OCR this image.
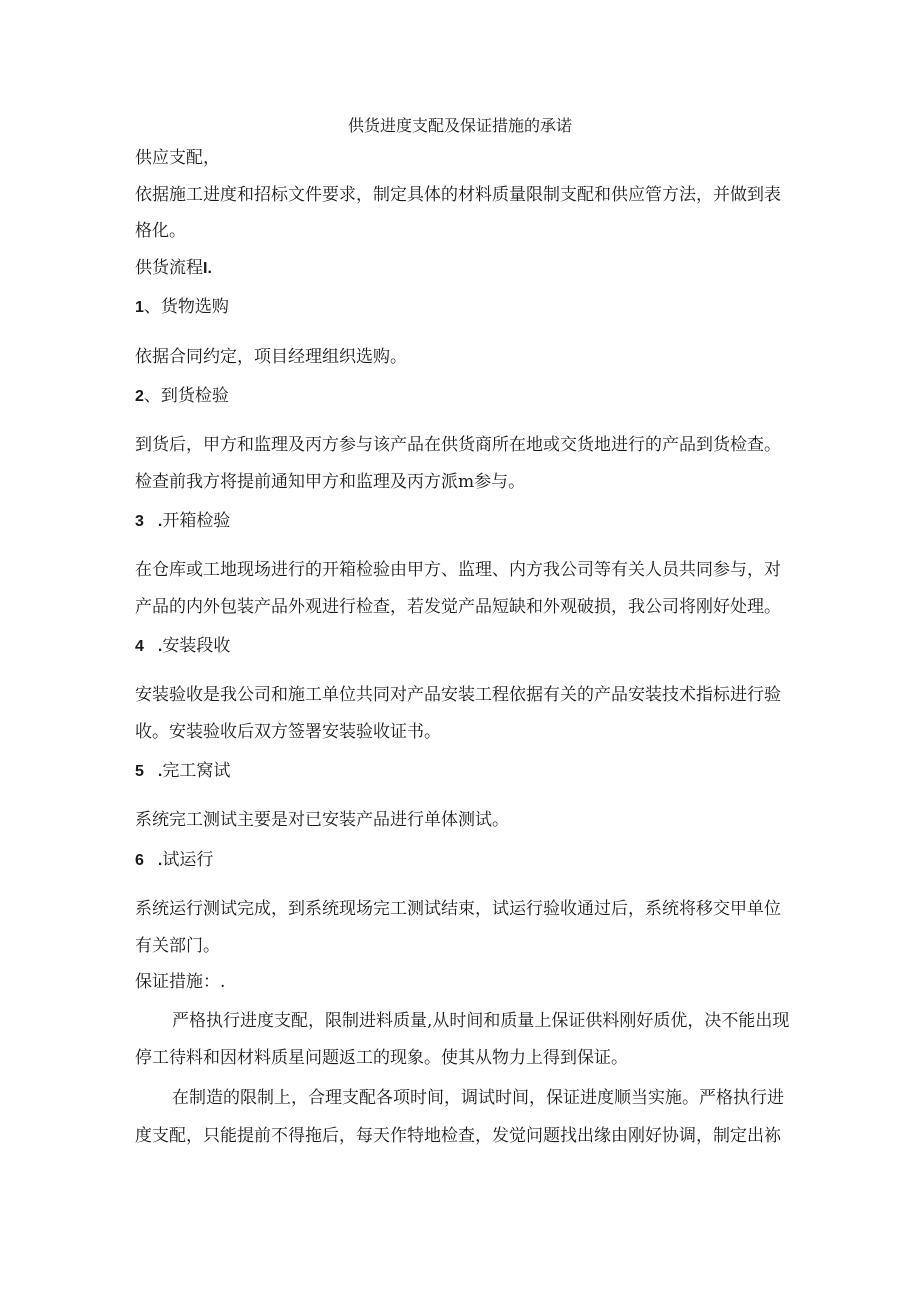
供货进度支配及保证措施的承诺
供应支配，
依据施工进度和招标文件要求，制定具体的材料质量限制支配和供应管方法，并做到表
格化。
供货流程I.
1、货物选购
依据合同约定，项目经理组织选购。
2、到货检验
到货后，甲方和监理及丙方参与该产品在供货商所在地或交货地进行的产品到货检查。
检查前我方将提前通知甲方和监理及丙方派m参与。
3 .开箱检验
在仓库或工地现场进行的开箱检验由甲方、监理、内方我公司等有关人员共同参与，对
产品的内外包装产品外观进行检查，若发觉产品短缺和外观破损，我公司将刚好处理。
4 .安装段收
安装验收是我公司和施工单位共同对产品安装工程依据有关的产品安装技术指标进行验
收。安装验收后双方签署安装验收证书。
5 .完工窝试
系统完工测试主要是对已安装产品进行单体测试。
6 .试运行
系统运行测试完成，到系统现场完工测试结束，试运行验收通过后，系统将移交甲单位
有关部门。
保证措施：.
严格执行进度支配，限制进料质量,从时间和质量上保证供料刚好质优，决不能出现
停工待料和因材料质星问题返工的现象。使其从物力上得到保证。
在制造的限制上，合理支配各项时间，调试时间，保证进度顺当实施。严格执行进
度支配，只能提前不得拖后，每天作特地检查，发觉问题找出缘由刚好协调，制定出袮
